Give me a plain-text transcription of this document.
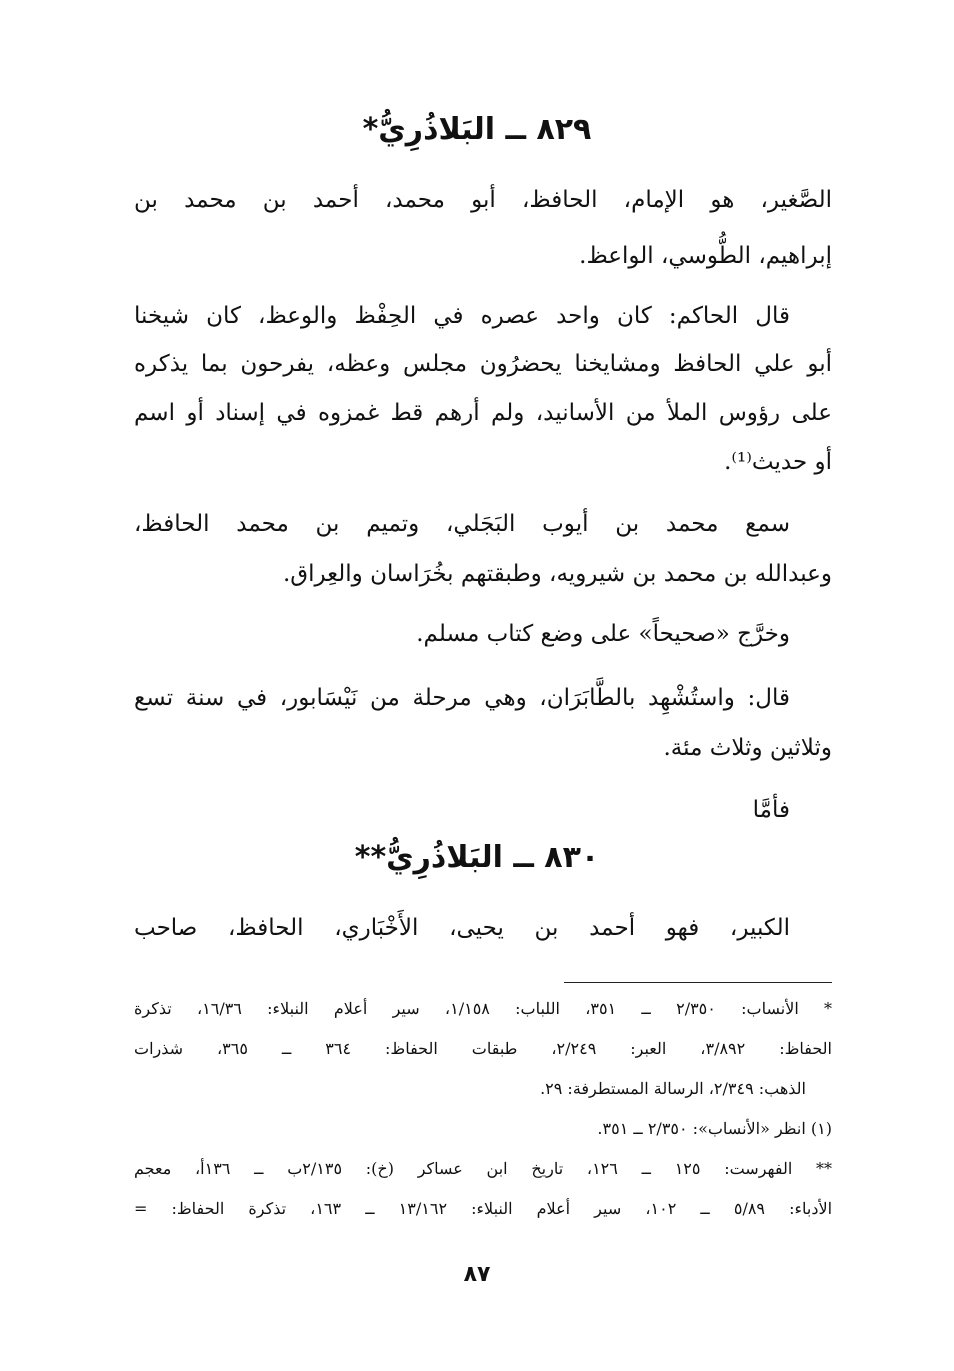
٨٢٩ ــ البَلاذُرِيُّ*
الصَّغير، هو الإمام، الحافظ، أبو محمد، أحمد بن محمد بن
إبراهيم، الطُّوسي، الواعظ.
قال الحاكم: كان واحد عصره في الحِفْظ والوعظ، كان شيخنا
أبو علي الحافظ ومشايخنا يحضرُون مجلس وعظه، يفرحون بما يذكره
على رؤوس الملأ من الأسانيد، ولم أرهم قط غمزوه في إسناد أو اسم
أو حديث⁽¹⁾.
سمع محمد بن أيوب البَجَلي، وتميم بن محمد الحافظ،
وعبدالله بن محمد بن شيرويه، وطبقتهم بخُرَاسان والعِراق.
وخرَّج «صحيحاً» على وضع كتاب مسلم.
قال: واستُشْهِد بالطَّابَرَان، وهي مرحلة من نَيْسَابور، في سنة تسع
وثلاثين وثلاث مئة.
فأمَّا
٨٣٠ ــ البَلاذُرِيُّ**
الكبير، فهو أحمد بن يحيى، الأَخْبَاري، الحافظ، صاحب
* الأنساب: ٢/٣٥٠ ــ ٣٥١، اللباب: ١/١٥٨، سير أعلام النبلاء: ١٦/٣٦، تذكرة
الحفاظ: ٣/٨٩٢، العبر: ٢/٢٤٩، طبقات الحفاظ: ٣٦٤ ــ ٣٦٥، شذرات
الذهب: ٢/٣٤٩، الرسالة المستطرفة: ٢٩.
(١) انظر «الأنساب»: ٢/٣٥٠ ــ ٣٥١.
** الفهرست: ١٢٥ ــ ١٢٦، تاريخ ابن عساكر (خ): ٢/١٣٥ب ــ ١٣٦أ، معجم
الأدباء: ٥/٨٩ ــ ١٠٢، سير أعلام النبلاء: ١٣/١٦٢ ــ ١٦٣، تذكرة الحفاظ: =
٨٧
